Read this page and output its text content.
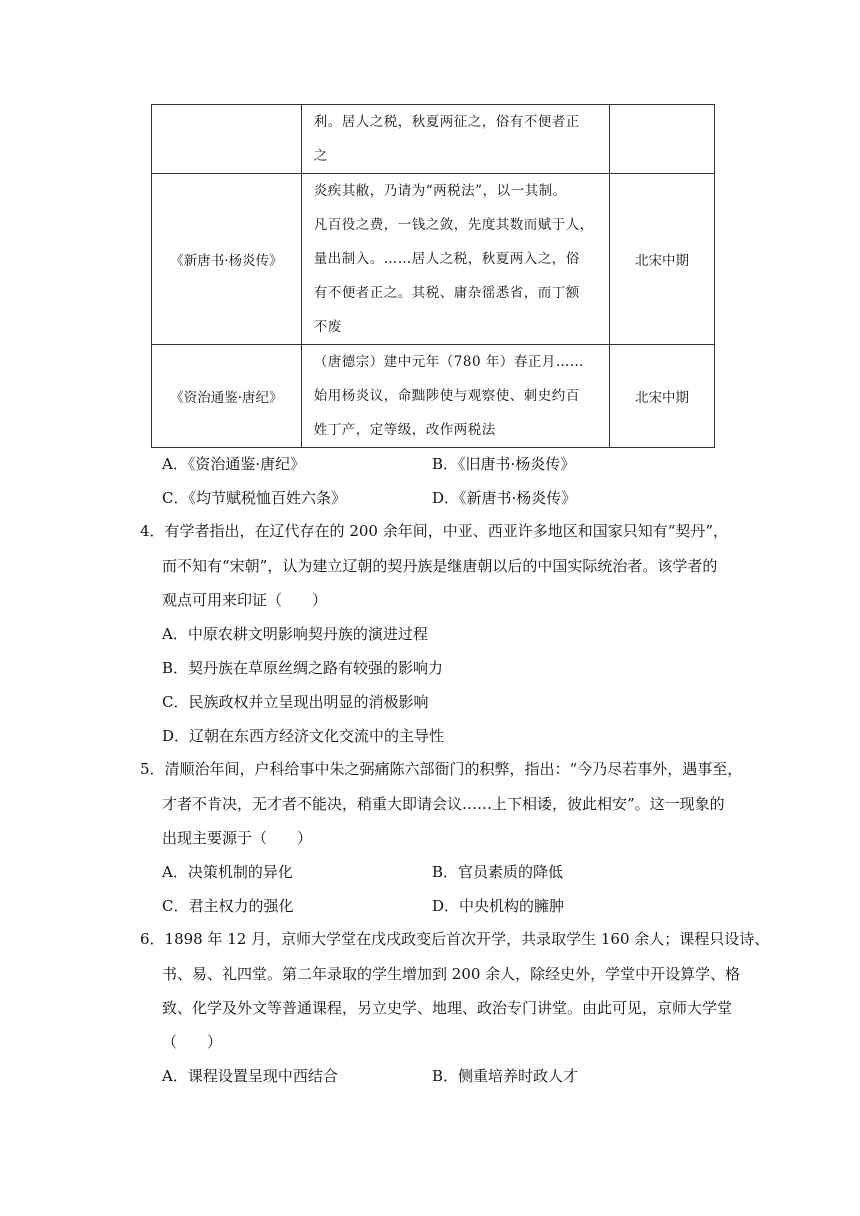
	利。居人之税，秋夏两征之，俗有不便者正
之	

《新唐书·杨炎传》	炎疾其敝，乃请为“两税法”，以一其制。
凡百役之费，一钱之敛，先度其数而赋于人，
量出制入。……居人之税，秋夏两入之，俗
有不便者正之。其税、庸杂徭悉省，而丁额
不废	北宋中期
《资治通鉴·唐纪》	（唐德宗）建中元年（780 年）春正月……
始用杨炎议，命黜陟使与观察使、刺史约百
姓丁产，定等级，改作两税法	北宋中期
A．《资治通鉴·唐纪》	B．《旧唐书·杨炎传》
C．《均节赋税恤百姓六条》	D．《新唐书·杨炎传》
4．有学者指出，在辽代存在的 200 余年间，中亚、西亚许多地区和国家只知有“契丹”，
而不知有“宋朝”，认为建立辽朝的契丹族是继唐朝以后的中国实际统治者。该学者的
观点可用来印证（　　）
A．中原农耕文明影响契丹族的演进过程
B．契丹族在草原丝绸之路有较强的影响力
C．民族政权并立呈现出明显的消极影响
D．辽朝在东西方经济文化交流中的主导性
5．清顺治年间，户科给事中朱之弼痛陈六部衙门的积弊，指出：“今乃尽若事外，遇事至，
才者不肯决，无才者不能决，稍重大即请会议……上下相诿，彼此相安”。这一现象的
出现主要源于（　　）
A．决策机制的异化	B．官员素质的降低
C．君主权力的强化	D．中央机构的臃肿
6．1898 年 12 月，京师大学堂在戊戌政变后首次开学，共录取学生 160 余人；课程只设诗、
书、易、礼四堂。第二年录取的学生增加到 200 余人，除经史外，学堂中开设算学、格
致、化学及外文等普通课程，另立史学、地理、政治专门讲堂。由此可见，京师大学堂
（　　）
A．课程设置呈现中西结合	B．侧重培养时政人才
